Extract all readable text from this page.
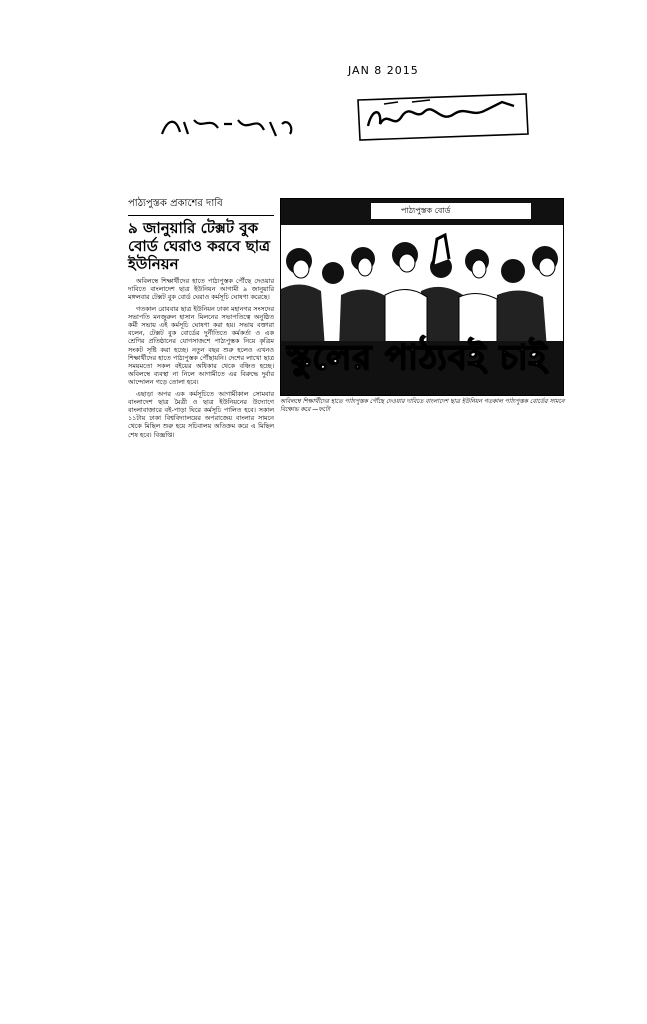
JAN 8 2015
পাঠ্যপুস্তক প্রকাশের দাবি
৯ জানুয়ারি টেক্সট বুক বোর্ড ঘেরাও করবে ছাত্র ইউনিয়ন

অবিলম্বে শিক্ষার্থীদের হাতে পাঠ্যপুস্তক পৌঁছে দেওয়ার দাবিতে বাংলাদেশ ছাত্র ইউনিয়ন আগামী ৯ জানুয়ারি মঙ্গলবার টেক্সট বুক বোর্ড ঘেরাও কর্মসূচি ঘোষণা করেছে।

গতকাল রোববার ছাত্র ইউনিয়ন ঢাকা মহানগর সংসদের সভাপতি মনজুরুল হাসান মিলনের সভাপতিত্বে অনুষ্ঠিত কর্মী সভায় এই কর্মসূচি ঘোষণা করা হয়। সভায় বক্তারা বলেন, টেক্সট বুক বোর্ডের দুর্নীতিতে কর্মকর্তা ও এক শ্রেণির প্রতিষ্ঠানের যোগসাজশে পাঠ্যপুস্তক নিয়ে কৃত্রিম সংকট সৃষ্টি করা হচ্ছে। নতুন বছর শুরু হলেও এখনও শিক্ষার্থীদের হাতে পাঠ্যপুস্তক পৌঁছায়নি। দেশের লাখো ছাত্র সময়মতো সকল বইয়ের অধিকার থেকে বঞ্চিত হচ্ছে। অবিলম্বে ব্যবস্থা না নিলে আগামীতে এর বিরুদ্ধে দুর্বার আন্দোলন গড়ে তোলা হবে।

এছাড়া অপর এক কর্মসূচিতে আগামীকাল সোমবার বাংলাদেশ ছাত্র মৈত্রী ও ছাত্র ইউনিয়নের উদ্যোগে বাংলাবাজারে বই-পাড়া ঘিরে কর্মসূচি পালিত হবে। সকাল ১১টায় ঢাকা বিশ্ববিদ্যালয়ের অপরাজেয় বাংলার সামনে থেকে মিছিল শুরু হয়ে সচিবালয় অতিক্রম করে এ মিছিল শেষ হবে। বিজ্ঞপ্তি।

পাঠ্যপুস্তক বোর্ড
স্কুলের পাঠ্যবই চাই
অবিলম্বে শিক্ষার্থীদের হাতে পাঠ্যপুস্তক পৌঁছে দেওয়ার দাবিতে বাংলাদেশ ছাত্র ইউনিয়ন গতকাল পাঠ্যপুস্তক বোর্ডের সামনে বিক্ষোভ করে —ফটো
